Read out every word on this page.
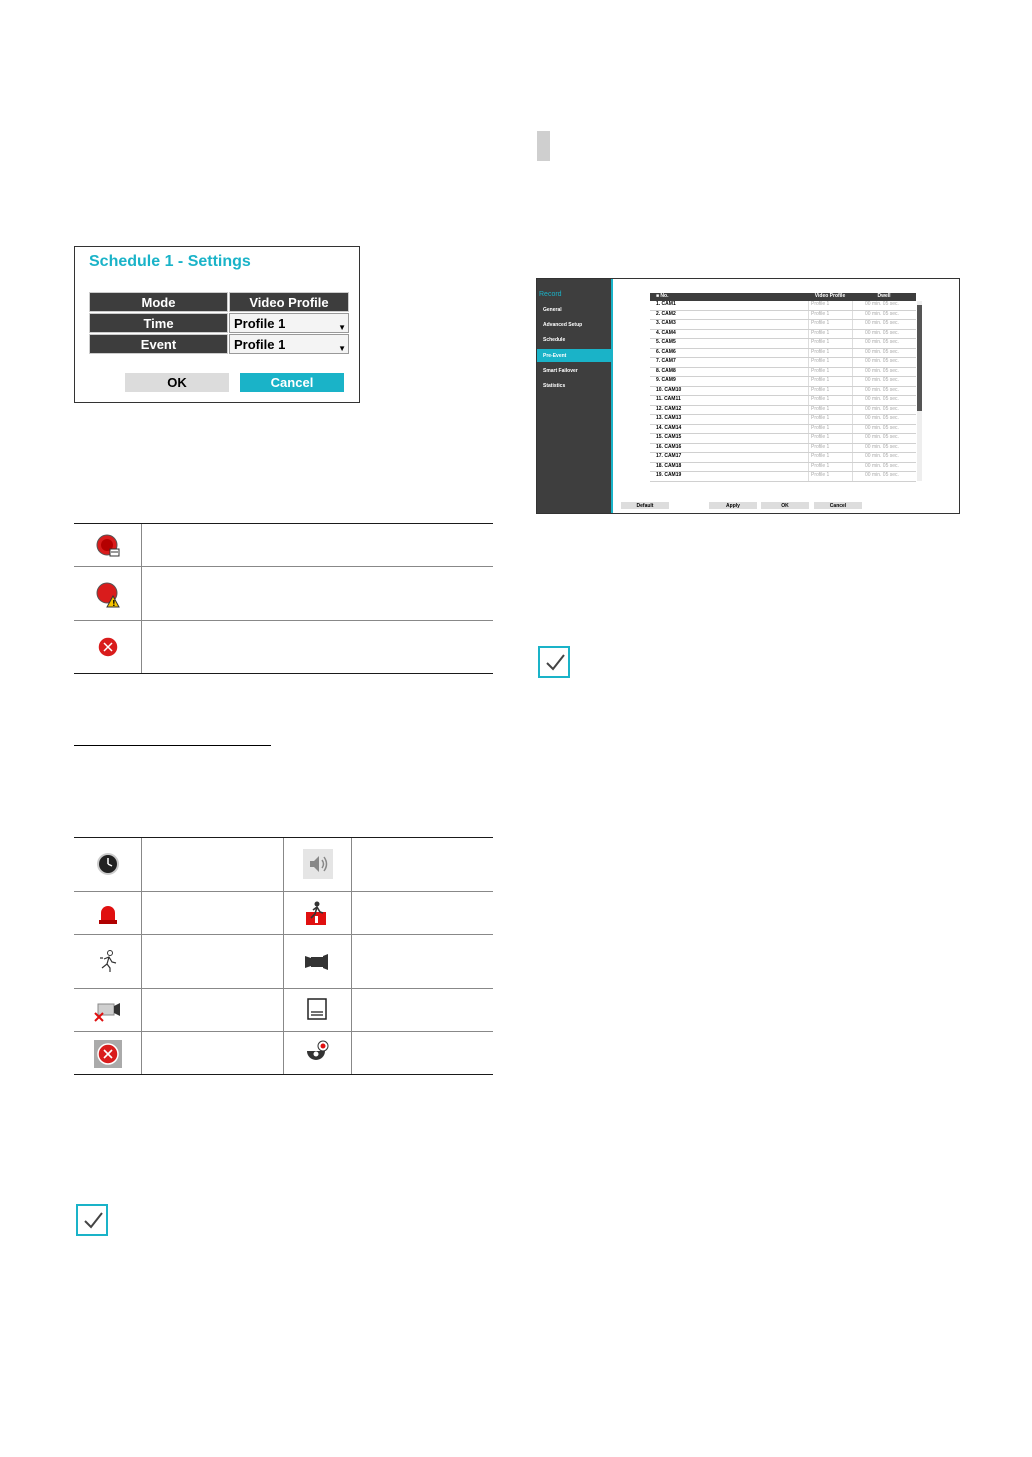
Schedule 1 - Settings
Mode	Video Profile
Time	Profile 1	▼
Event	Profile 1	▼
OK	Cancel
!
Record
General
Advanced Setup
Schedule
Pre-Event
Smart Failover
Statistics
■ No.	Video Profile	Dwell
1. CAM1	Profile 1	00 min. 05 sec.
2. CAM2	Profile 1	00 min. 05 sec.
3. CAM3	Profile 1	00 min. 05 sec.
4. CAM4	Profile 1	00 min. 05 sec.
5. CAM5	Profile 1	00 min. 05 sec.
6. CAM6	Profile 1	00 min. 05 sec.
7. CAM7	Profile 1	00 min. 05 sec.
8. CAM8	Profile 1	00 min. 05 sec.
9. CAM9	Profile 1	00 min. 05 sec.
10. CAM10	Profile 1	00 min. 05 sec.
11. CAM11	Profile 1	00 min. 05 sec.
12. CAM12	Profile 1	00 min. 05 sec.
13. CAM13	Profile 1	00 min. 05 sec.
14. CAM14	Profile 1	00 min. 05 sec.
15. CAM15	Profile 1	00 min. 05 sec.
16. CAM16	Profile 1	00 min. 05 sec.
17. CAM17	Profile 1	00 min. 05 sec.
18. CAM18	Profile 1	00 min. 05 sec.
19. CAM19	Profile 1	00 min. 05 sec.
Default	Apply	OK	Cancel
